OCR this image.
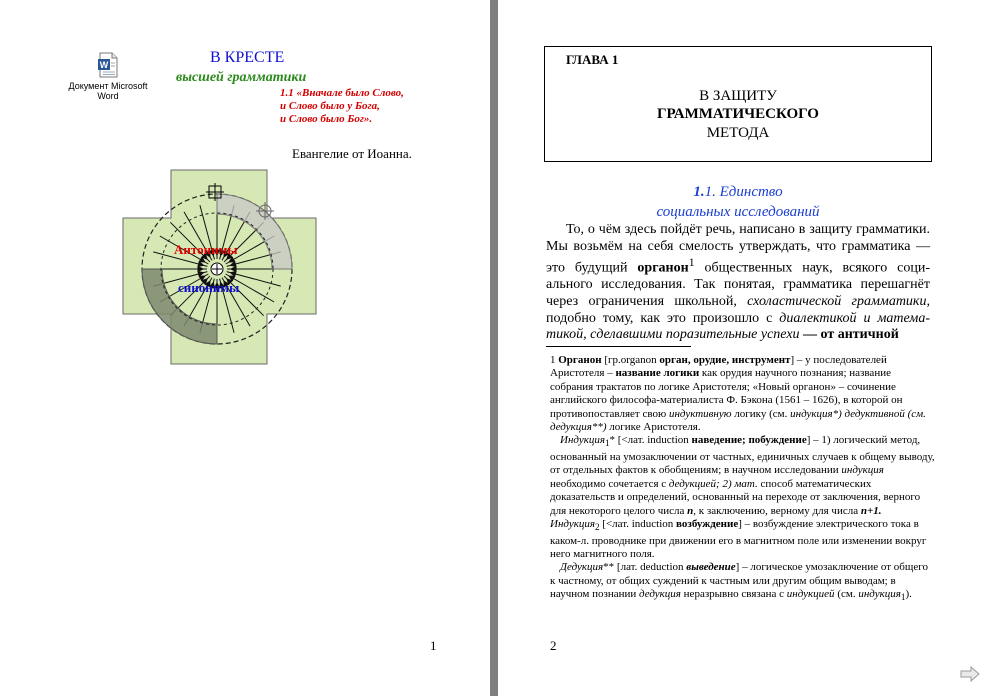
W
Документ Microsoft
Word
В КРЕСТЕ
высшей грамматики
1.1 «Вначале было Слово,
и Слово было у Бога,
и Слово было Бог».
Евангелие от Иоанна.
Антонимы
синонимы
1
ГЛАВА 1
В ЗАЩИТУ
ГРАММАТИЧЕСКОГО
МЕТОДА
1.1. Единство
социальных исследований
То, о чём здесь пойдёт речь, написано в защиту грамматики. Мы возьмём на себя смелость утверждать, что грамматика — это будущий органон$^1$ общественных наук, всякого социального исследования. Так понятая, грамматика перешагнёт через ограничения школьной, схоластической грамматики, подобно тому, как это произошло с диалектикой и математикой, сделавшими поразительные успехи — от античной

1 Органон [гр.organon орган, орудие, инструмент] – у последователей Аристотеля – название логики как орудия научного познания; название собрания трактатов по логике Аристотеля; «Новый органон» – сочинение английского философа-материалиста Ф. Бэкона (1561 – 1626), в которой он противопоставляет свою индуктивную логику (см. индукция*) дедуктивной (см. дедукция**) логике Аристотеля.

Индукция$_1$* [<лат. induction наведение; побуждение] – 1) логический метод, основанный на умозаключении от частных, единичных случаев к общему выводу, от отдельных фактов к обобщениям; в научном исследовании индукция необходимо сочетается с дедукцией; 2) мат. способ математических доказательств и определений, основанный на переходе от заключения, верного для некоторого целого числа n, к заключению, верному для числа n+1.

Индукция$_2$ [<лат. induction возбуждение] – возбуждение электрического тока в каком-л. проводнике при движении его в магнитном поле или изменении вокруг него магнитного поля.

Дедукция** [лат. deduction выведение] – логическое умозаключение от общего к частному, от общих суждений к частным или другим общим выводам; в научном познании дедукция неразрывно связана с индукцией (см. индукция$_1$).

2
